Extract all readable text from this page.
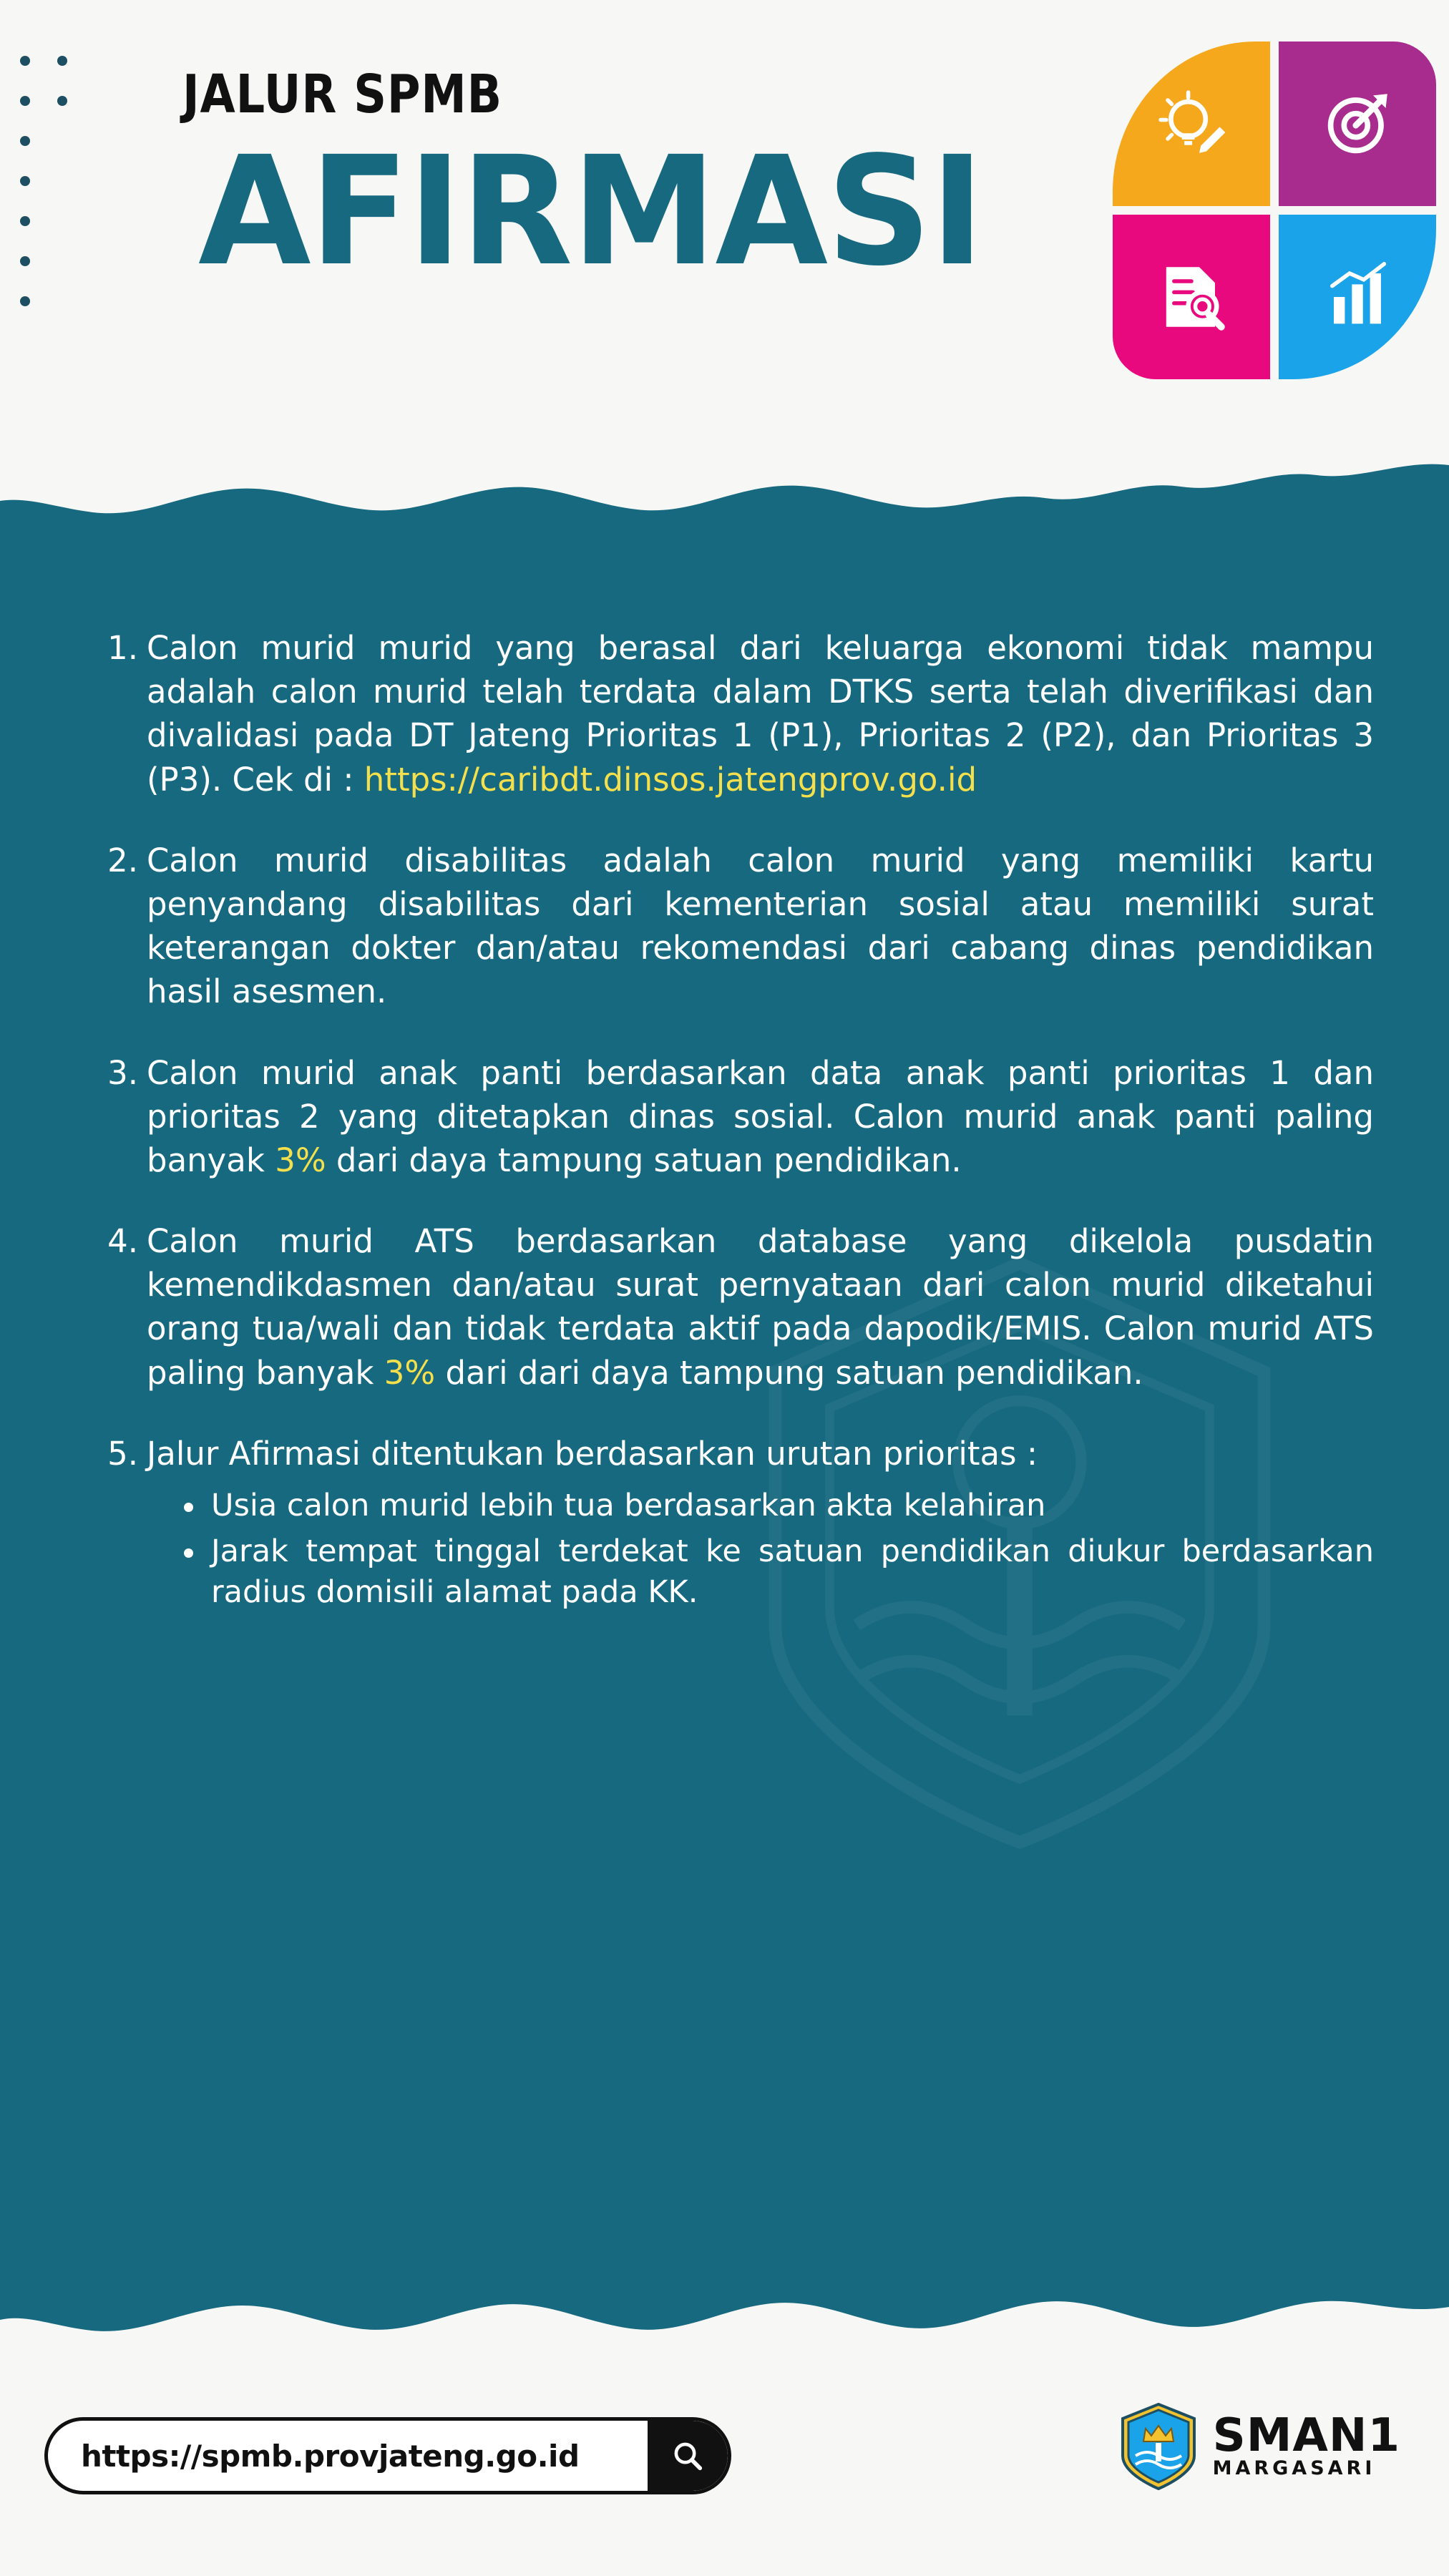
JALUR SPMB
AFIRMASI
1. Calon murid murid yang berasal dari keluarga ekonomi tidak mampu adalah calon murid telah terdata dalam DTKS serta telah diverifikasi dan divalidasi pada DT Jateng Prioritas 1 (P1), Prioritas 2 (P2), dan Prioritas 3 (P3). Cek di : https://caribdt.dinsos.jatengprov.go.id
2. Calon murid disabilitas adalah calon murid yang memiliki kartu penyandang disabilitas dari kementerian sosial atau memiliki surat keterangan dokter dan/atau rekomendasi dari cabang dinas pendidikan hasil asesmen.
3. Calon murid anak panti berdasarkan data anak panti prioritas 1 dan prioritas 2 yang ditetapkan dinas sosial. Calon murid anak panti paling banyak 3% dari daya tampung satuan pendidikan.
4. Calon murid ATS berdasarkan database yang dikelola pusdatin kemendikdasmen dan/atau surat pernyataan dari calon murid diketahui orang tua/wali dan tidak terdata aktif pada dapodik/EMIS. Calon murid ATS paling banyak 3% dari dari daya tampung satuan pendidikan.
5. Jalur Afirmasi ditentukan berdasarkan urutan prioritas :
Usia calon murid lebih tua berdasarkan akta kelahiran
Jarak tempat tinggal terdekat ke satuan pendidikan diukur berdasarkan radius domisili alamat pada KK.
https://spmb.provjateng.go.id	SMAN 1
MARGASARI
